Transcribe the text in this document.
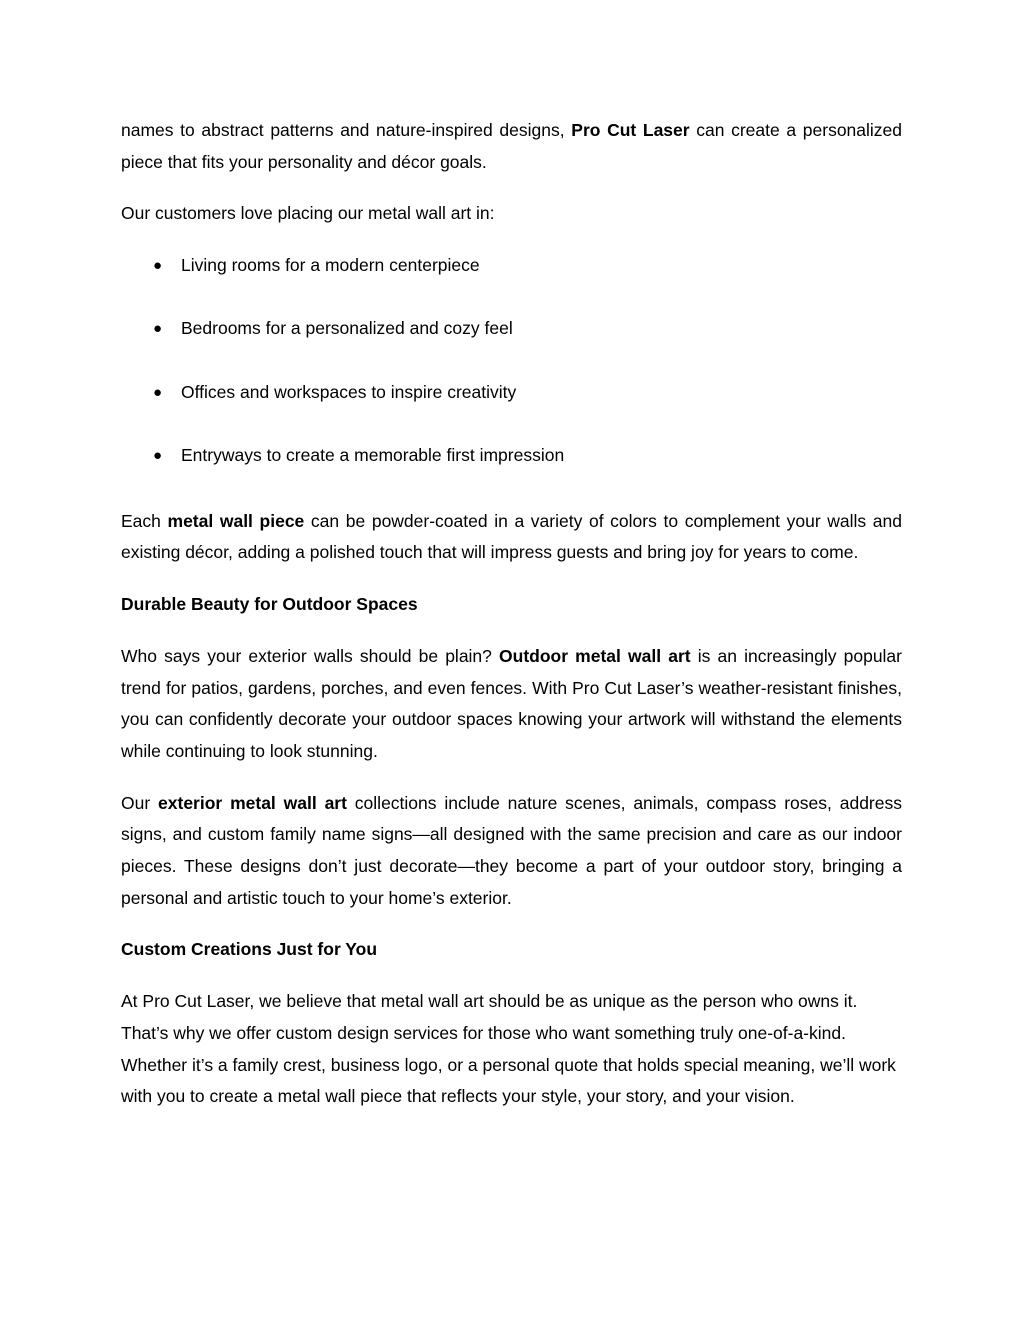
names to abstract patterns and nature-inspired designs, Pro Cut Laser can create a personalized piece that fits your personality and décor goals.

Our customers love placing our metal wall art in:

● Living rooms for a modern centerpiece
● Bedrooms for a personalized and cozy feel
● Offices and workspaces to inspire creativity
● Entryways to create a memorable first impression

Each metal wall piece can be powder-coated in a variety of colors to complement your walls and existing décor, adding a polished touch that will impress guests and bring joy for years to come.

Durable Beauty for Outdoor Spaces

Who says your exterior walls should be plain? Outdoor metal wall art is an increasingly popular trend for patios, gardens, porches, and even fences. With Pro Cut Laser’s weather-resistant finishes, you can confidently decorate your outdoor spaces knowing your artwork will withstand the elements while continuing to look stunning.

Our exterior metal wall art collections include nature scenes, animals, compass roses, address signs, and custom family name signs—all designed with the same precision and care as our indoor pieces. These designs don’t just decorate—they become a part of your outdoor story, bringing a personal and artistic touch to your home’s exterior.

Custom Creations Just for You

At Pro Cut Laser, we believe that metal wall art should be as unique as the person who owns it. That’s why we offer custom design services for those who want something truly one-of-a-kind. Whether it’s a family crest, business logo, or a personal quote that holds special meaning, we’ll work with you to create a metal wall piece that reflects your style, your story, and your vision.
